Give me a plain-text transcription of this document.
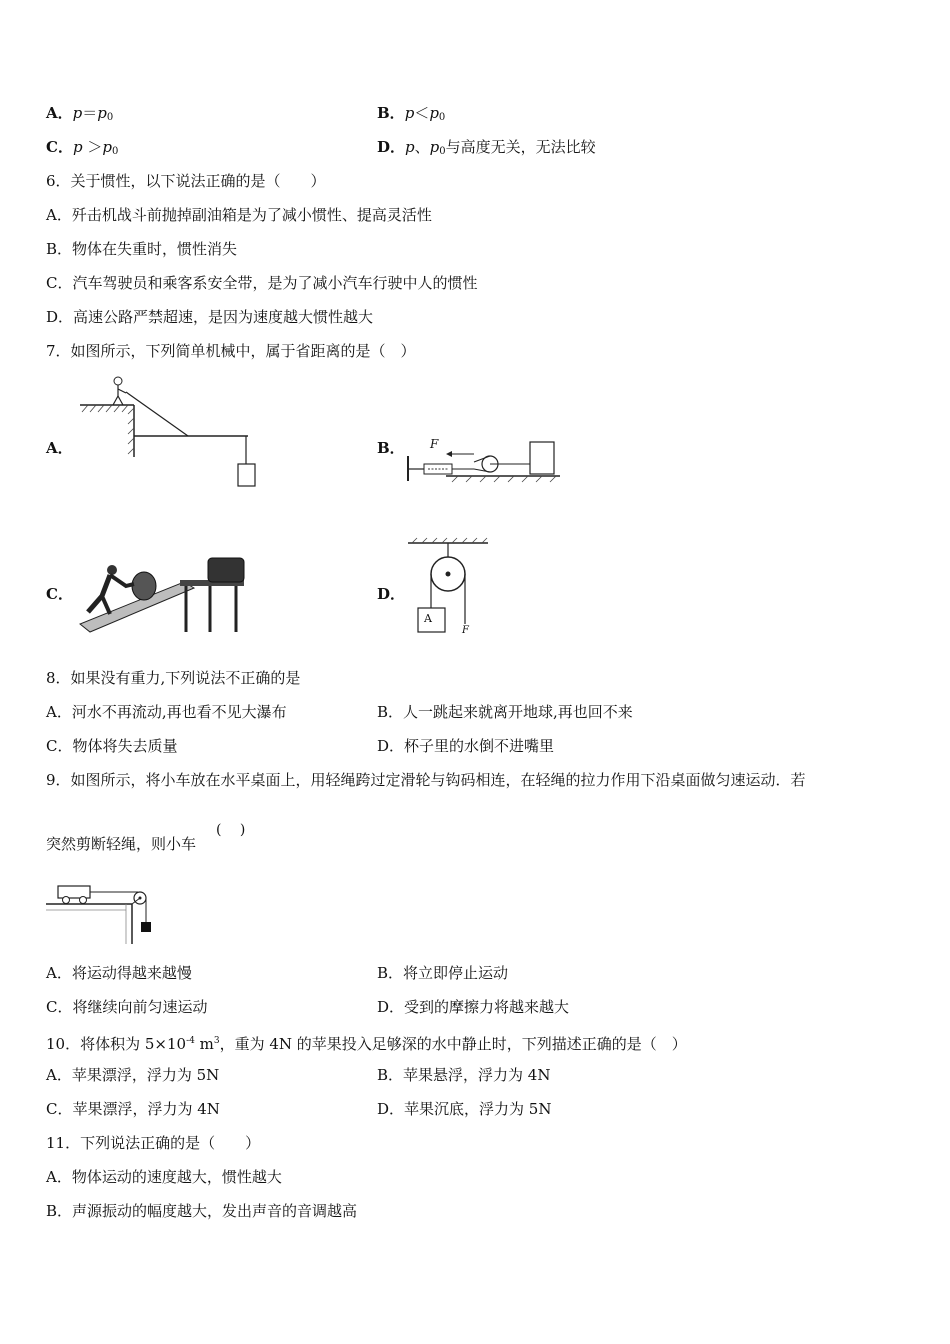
A．$p=p_0$	B．$p<p_0$
C．$p >p_0$	D．p、$p_0$与高度无关，无法比较
6．关于惯性，以下说法正确的是（　　）
A．歼击机战斗前抛掉副油箱是为了减小惯性、提高灵活性
B．物体在失重时，惯性消失
C．汽车驾驶员和乘客系安全带，是为了减小汽车行驶中人的惯性
D．高速公路严禁超速，是因为速度越大惯性越大
7．如图所示，下列简单机械中，属于省距离的是（　）
A．	B． F
C．	D．
A
F
8．如果没有重力,下列说法不正确的是
A．河水不再流动,再也看不见大瀑布	B．人一跳起来就离开地球,再也回不来
C．物体将失去质量	D．杯子里的水倒不进嘴里
9．如图所示，将小车放在水平桌面上，用轻绳跨过定滑轮与钩码相连，在轻绳的拉力作用下沿桌面做匀速运动．若
突然剪断轻绳，则小车
(　 )
A．将运动得越来越慢	B．将立即停止运动
C．将继续向前匀速运动	D．受到的摩擦力将越来越大
10．将体积为 $5\times 10^{-4}$ $m^3$，重为 4N 的苹果投入足够深的水中静止时，下列描述正确的是（　）
A．苹果漂浮，浮力为 5N	B．苹果悬浮，浮力为 4N
C．苹果漂浮，浮力为 4N	D．苹果沉底，浮力为 5N
11．下列说法正确的是（　　）
A．物体运动的速度越大，惯性越大
B．声源振动的幅度越大，发出声音的音调越高
